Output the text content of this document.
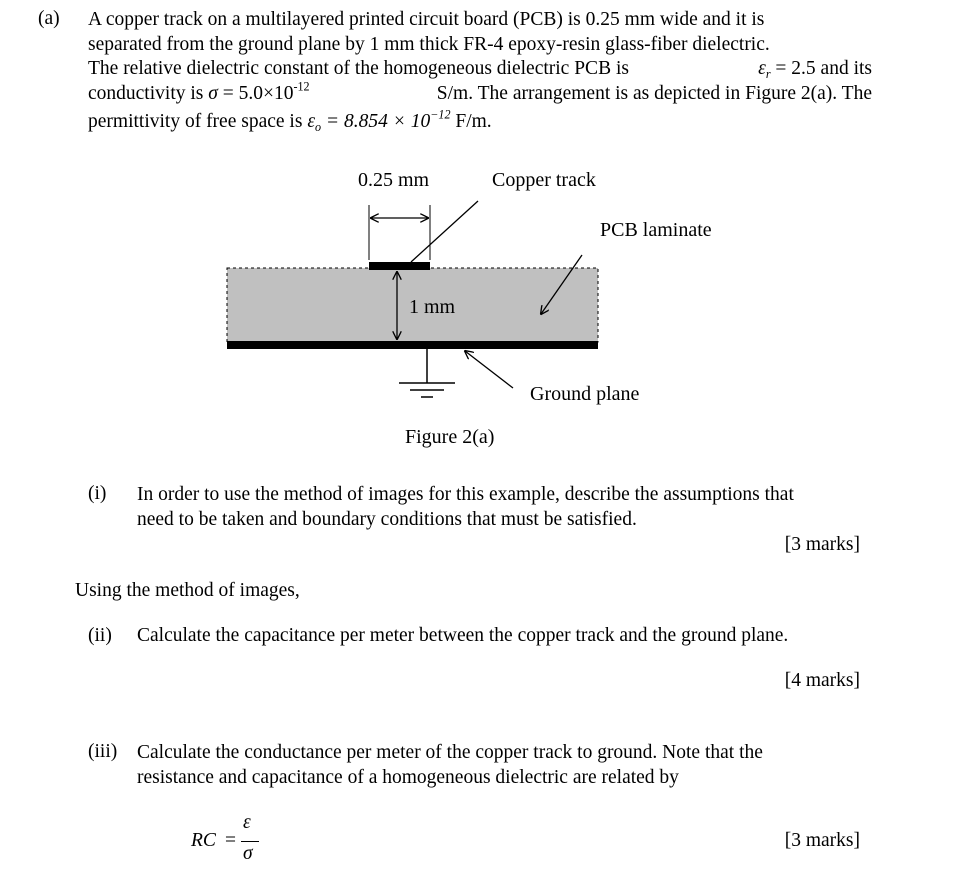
(a) A copper track on a multilayered printed circuit board (PCB) is 0.25 mm wide and it is
separated from the ground plane by 1 mm thick FR-4 epoxy-resin glass-fiber dielectric.
The relative dielectric constant of the homogeneous dielectric PCB is	$\varepsilon_r = 2.5$ and its
conductivity is $\sigma = 5.0\times 10^{-12}$	S/m. The arrangement is as depicted in Figure 2(a). The
permittivity of free space is $\varepsilon_o = 8.854 \times 10^{-12}$ F/m.
0.25 mm	Copper track
PCB laminate
1 mm
Ground plane
Figure 2(a)
(i) In order to use the method of images for this example, describe the assumptions that
need to be taken and boundary conditions that must be satisfied.
[3 marks]
Using the method of images,
(ii) Calculate the capacitance per meter between the copper track and the ground plane.
[4 marks]
(iii) Calculate the conductance per meter of the copper track to ground. Note that the
resistance and capacitance of a homogeneous dielectric are related by
RC =
ε
σ
[3 marks]
